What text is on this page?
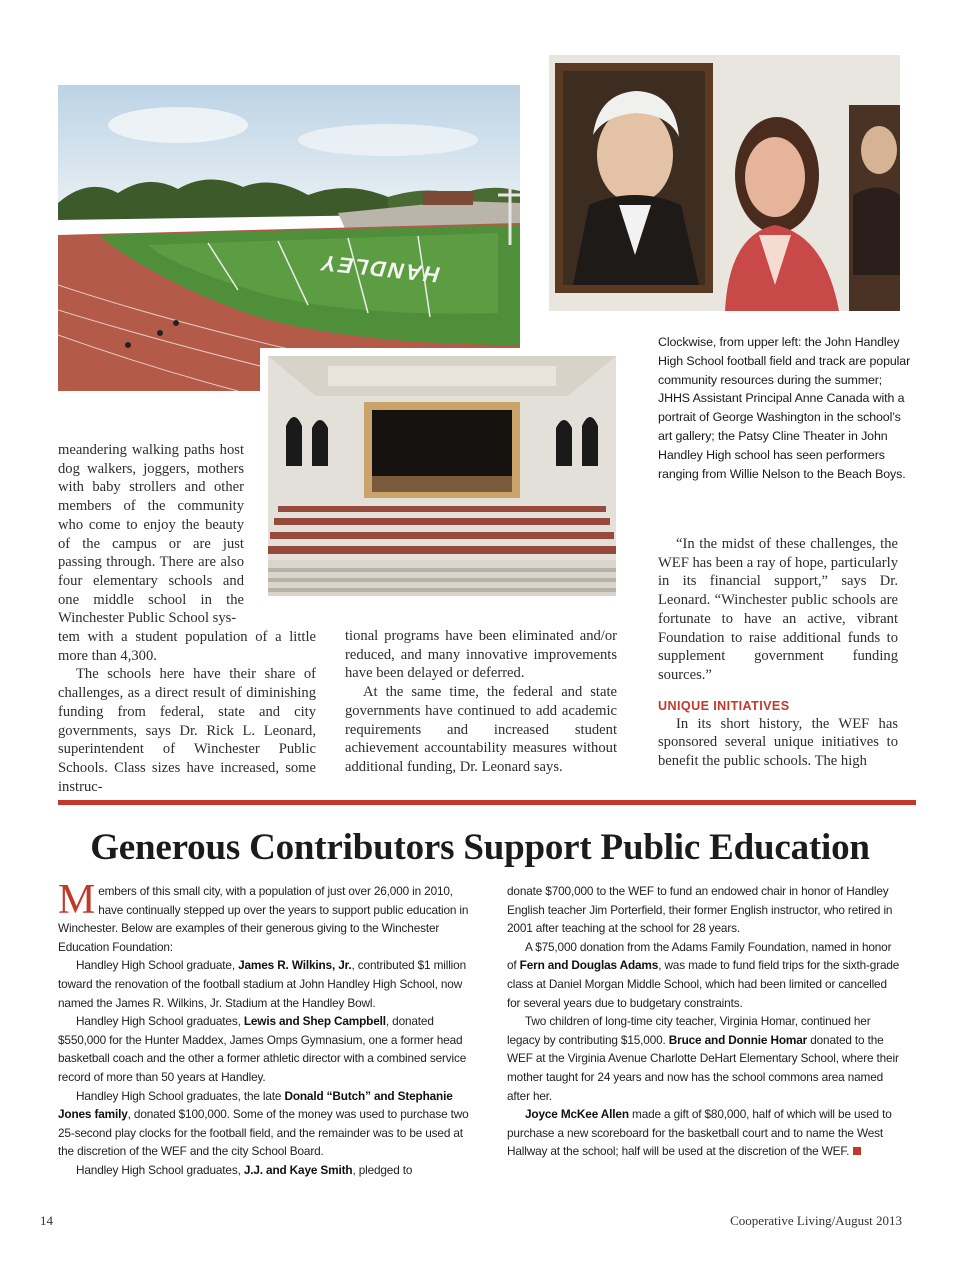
HANDLEY
Clockwise, from upper left: the John Handley High School football field and track are popular community resources during the summer; JHHS Assistant Principal Anne Canada with a portrait of George Washington in the school’s art gallery; the Patsy Cline Theater in John Handley High school has seen performers ranging from Willie Nelson to the Beach Boys.

meandering walking paths host dog walkers, joggers, mothers with baby strollers and other members of the community who come to enjoy the beauty of the campus or are just passing through. There are also four elementary schools and one middle school in the Winchester Public School sys-

tem with a student population of a little more than 4,300.

The schools here have their share of challenges, as a direct result of diminishing funding from federal, state and city governments, says Dr. Rick L. Leonard, superintendent of Winchester Public Schools. Class sizes have increased, some instruc-

tional programs have been eliminated and/or reduced, and many innovative improvements have been delayed or deferred.

At the same time, the federal and state governments have continued to add academic requirements and increased student achievement accountability measures without additional funding, Dr. Leonard says.

“In the midst of these challenges, the WEF has been a ray of hope, particularly in its financial support,” says Dr. Leonard. “Winchester public schools are fortunate to have an active, vibrant Foundation to raise additional funds to supplement government funding sources.”

UNIQUE INITIATIVES

In its short history, the WEF has sponsored several unique initiatives to benefit the public schools. The high

Generous Contributors Support Public Education

Members of this small city, with a population of just over 26,000 in 2010, have continually stepped up over the years to support public education in Winchester. Below are examples of their generous giving to the Winchester Education Foundation:

Handley High School graduate, James R. Wilkins, Jr., contributed $1 million toward the renovation of the football stadium at John Handley High School, now named the James R. Wilkins, Jr. Stadium at the Handley Bowl.

Handley High School graduates, Lewis and Shep Campbell, donated $550,000 for the Hunter Maddex, James Omps Gymnasium, one a former head basketball coach and the other a former athletic director with a combined service record of more than 50 years at Handley.

Handley High School graduates, the late Donald “Butch” and Stephanie Jones family, donated $100,000. Some of the money was used to purchase two 25-second play clocks for the football field, and the remainder was to be used at the discretion of the WEF and the city School Board.

Handley High School graduates, J.J. and Kaye Smith, pledged to

donate $700,000 to the WEF to fund an endowed chair in honor of Handley English teacher Jim Porterfield, their former English instructor, who retired in 2001 after teaching at the school for 28 years.

A $75,000 donation from the Adams Family Foundation, named in honor of Fern and Douglas Adams, was made to fund field trips for the sixth-grade class at Daniel Morgan Middle School, which had been limited or cancelled for several years due to budgetary constraints.

Two children of long-time city teacher, Virginia Homar, continued her legacy by contributing $15,000. Bruce and Donnie Homar donated to the WEF at the Virginia Avenue Charlotte DeHart Elementary School, where their mother taught for 24 years and now has the school commons area named after her.

Joyce McKee Allen made a gift of $80,000, half of which will be used to purchase a new scoreboard for the basketball court and to name the West Hallway at the school; half will be used at the discretion of the WEF.

14	Cooperative Living/August 2013
